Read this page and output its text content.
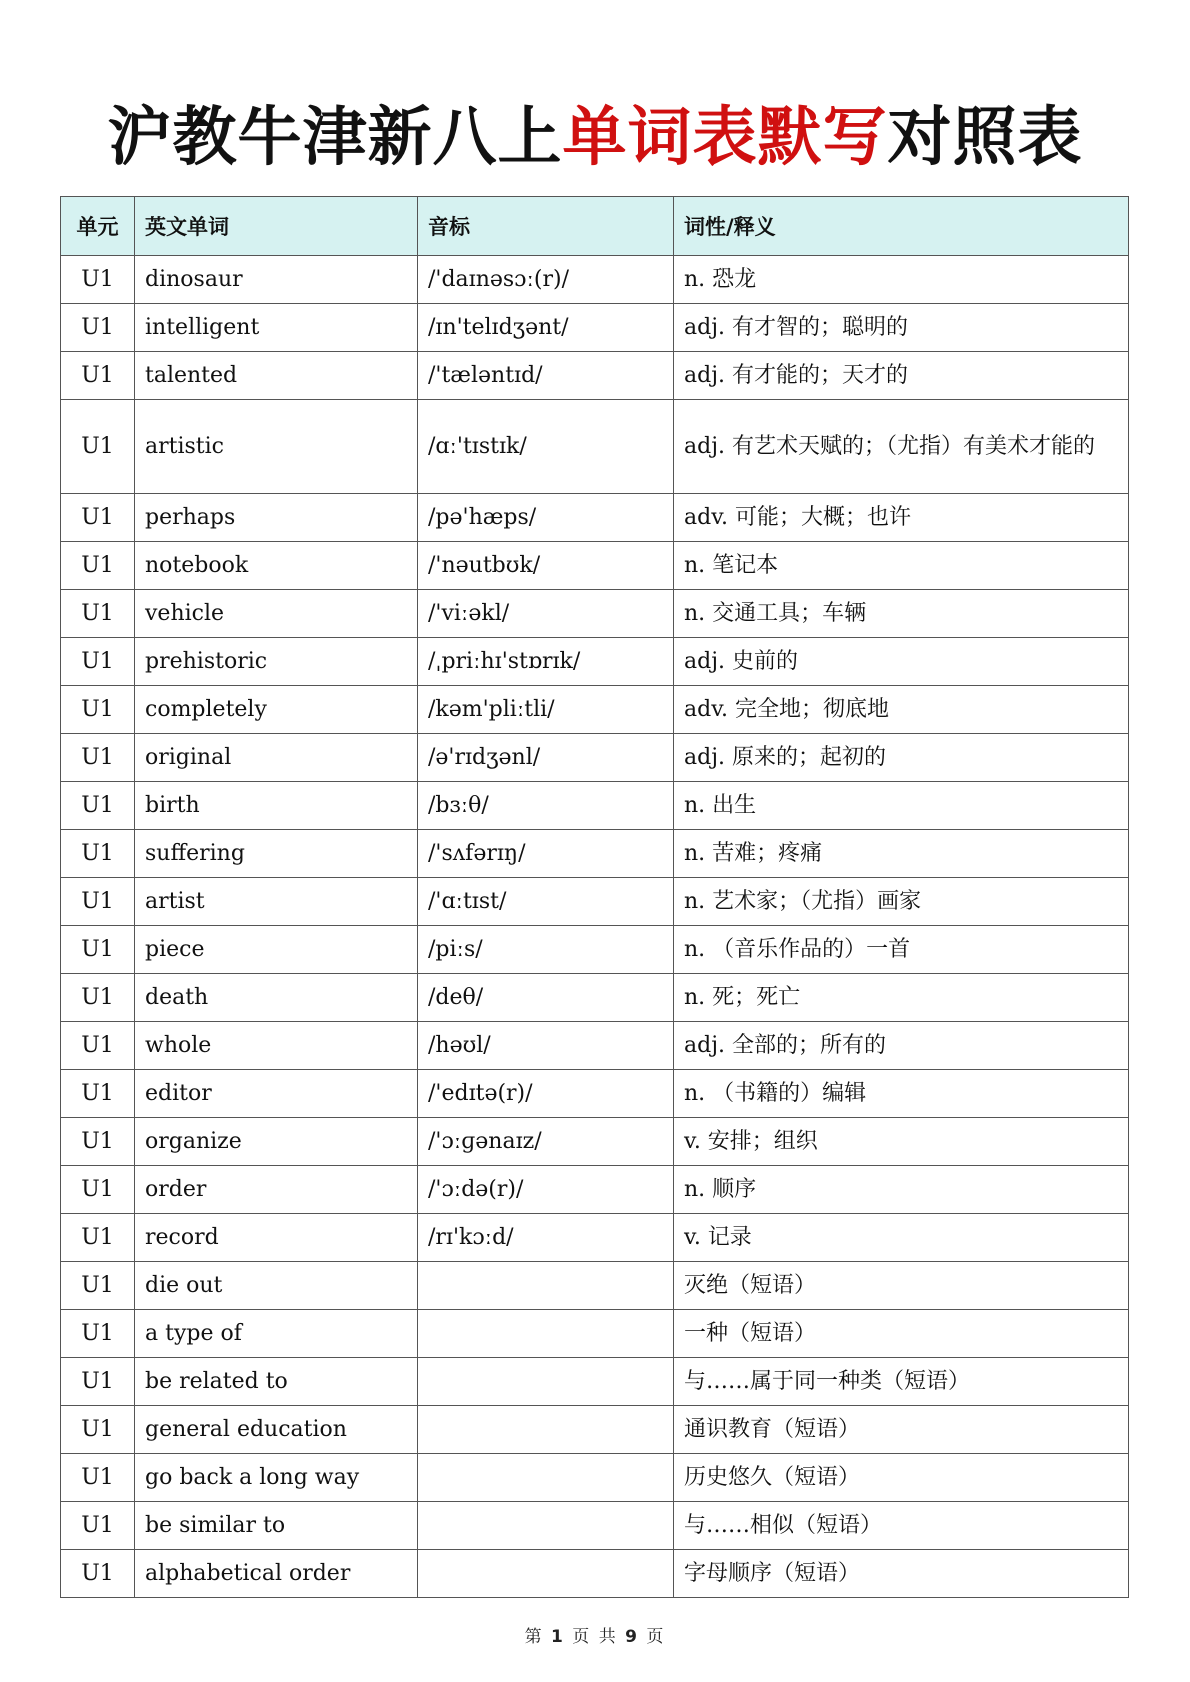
沪教牛津新八上单词表默写对照表
单元	英文单词	音标	词性/释义
U1	dinosaur	/'daɪnəsɔː(r)/	n. 恐龙
U1	intelligent	/ɪn'telɪdʒənt/	adj. 有才智的；聪明的
U1	talented	/'tæləntɪd/	adj. 有才能的；天才的
U1	artistic	/ɑː'tɪstɪk/	adj. 有艺术天赋的；（尤指）有美术才能的
U1	perhaps	/pə'hæps/	adv. 可能；大概；也许
U1	notebook	/'nəutbʊk/	n. 笔记本
U1	vehicle	/'viːəkl/	n. 交通工具；车辆
U1	prehistoric	/ˌpriːhɪ'stɒrɪk/	adj. 史前的
U1	completely	/kəm'pliːtli/	adv. 完全地；彻底地
U1	original	/ə'rɪdʒənl/	adj. 原来的；起初的
U1	birth	/bɜːθ/	n. 出生
U1	suffering	/'sʌfərɪŋ/	n. 苦难；疼痛
U1	artist	/'ɑːtɪst/	n. 艺术家；（尤指）画家
U1	piece	/piːs/	n. （音乐作品的）一首
U1	death	/deθ/	n. 死；死亡
U1	whole	/həʊl/	adj. 全部的；所有的
U1	editor	/'edɪtə(r)/	n. （书籍的）编辑
U1	organize	/'ɔːɡənaɪz/	v. 安排；组织
U1	order	/'ɔːdə(r)/	n. 顺序
U1	record	/rɪ'kɔːd/	v. 记录
U1	die out		灭绝（短语）
U1	a type of		一种（短语）
U1	be related to		与……属于同一种类（短语）
U1	general education		通识教育（短语）
U1	go back a long way		历史悠久（短语）
U1	be similar to		与……相似（短语）
U1	alphabetical order		字母顺序（短语）
第 1 页 共 9 页
